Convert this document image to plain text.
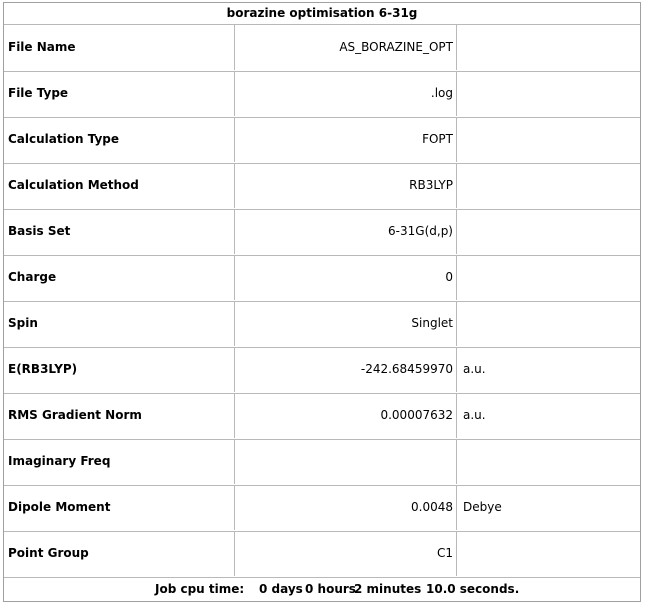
borazine optimisation 6-31g
File Name	AS_BORAZINE_OPT
File Type	.log
Calculation Type	FOPT
Calculation Method	RB3LYP
Basis Set	6-31G(d,p)
Charge	0
Spin	Singlet
E(RB3LYP)	-242.68459970 a.u.
RMS Gradient Norm	0.00007632 a.u.
Imaginary Freq
Dipole Moment	0.0048 Debye
Point Group	C1
Job cpu time: 0 days 0 hours
2 minutes 10.0 seconds.
